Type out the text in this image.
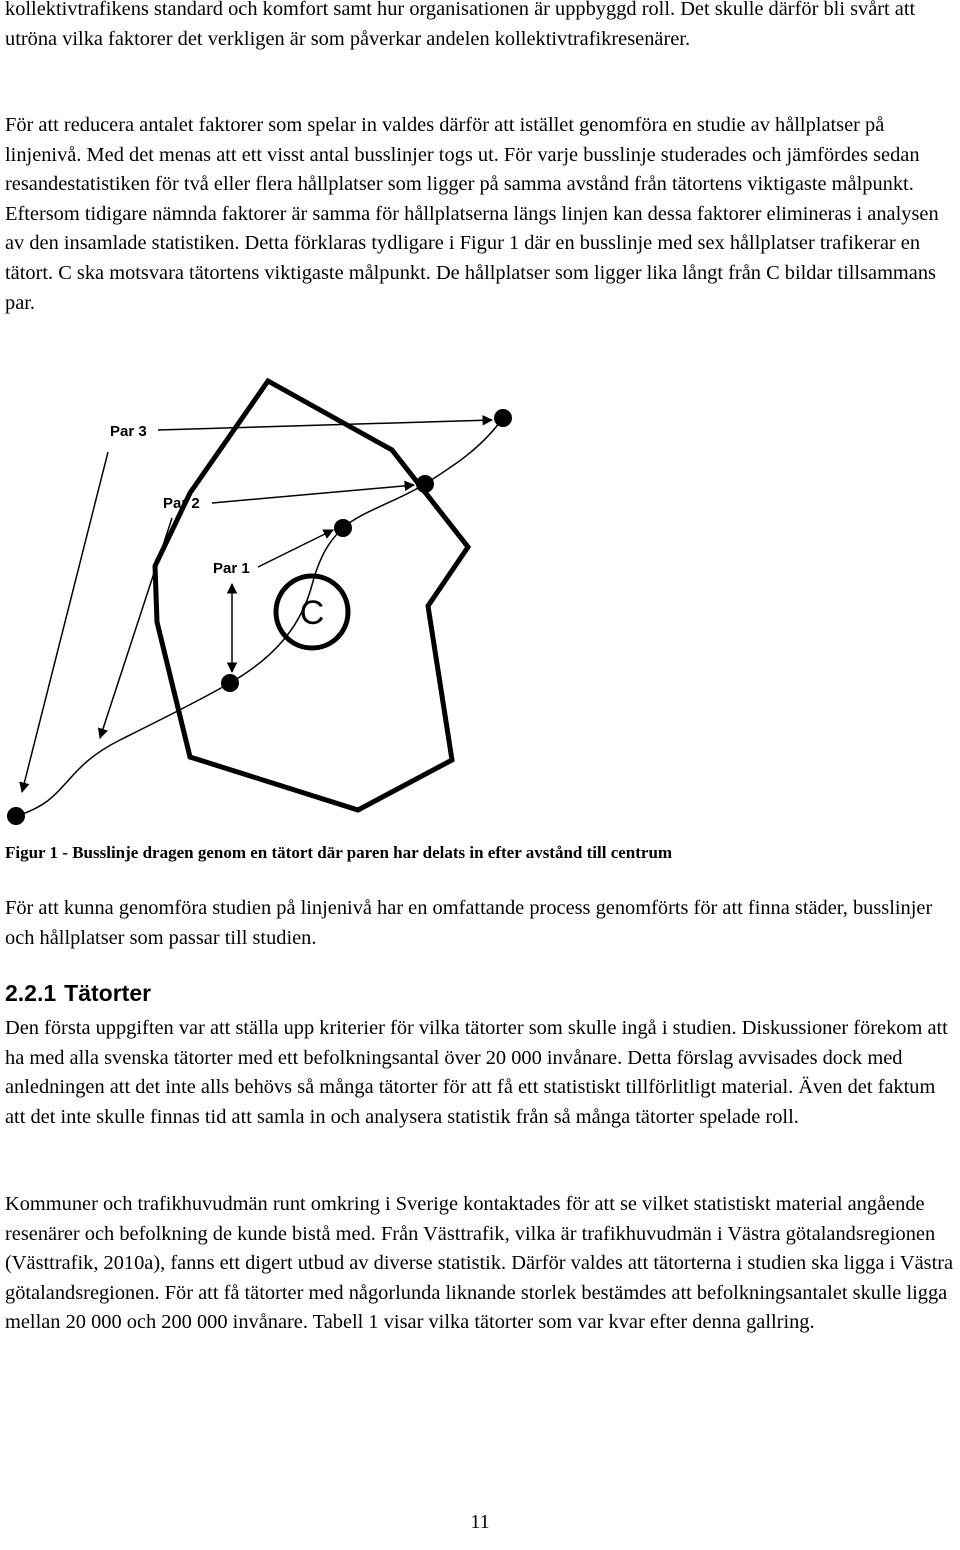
kollektivtrafikens standard och komfort samt hur organisationen är uppbyggd roll. Det skulle därför bli svårt att utröna vilka faktorer det verkligen är som påverkar andelen kollektivtrafikresenärer.

För att reducera antalet faktorer som spelar in valdes därför att istället genomföra en studie av hållplatser på linjenivå. Med det menas att ett visst antal busslinjer togs ut. För varje busslinje studerades och jämfördes sedan resandestatistiken för två eller flera hållplatser som ligger på samma avstånd från tätortens viktigaste målpunkt. Eftersom tidigare nämnda faktorer är samma för hållplatserna längs linjen kan dessa faktorer elimineras i analysen av den insamlade statistiken. Detta förklaras tydligare i Figur 1 där en busslinje med sex hållplatser trafikerar en tätort. C ska motsvara tätortens viktigaste målpunkt. De hållplatser som ligger lika långt från C bildar tillsammans par.

C
Par 3
Par 2
Par 1

Figur 1 - Busslinje dragen genom en tätort där paren har delats in efter avstånd till centrum

För att kunna genomföra studien på linjenivå har en omfattande process genomförts för att finna städer, busslinjer och hållplatser som passar till studien.

2.2.1 Tätorter

Den första uppgiften var att ställa upp kriterier för vilka tätorter som skulle ingå i studien. Diskussioner förekom att ha med alla svenska tätorter med ett befolkningsantal över 20 000 invånare. Detta förslag avvisades dock med anledningen att det inte alls behövs så många tätorter för att få ett statistiskt tillförlitligt material. Även det faktum att det inte skulle finnas tid att samla in och analysera statistik från så många tätorter spelade roll.

Kommuner och trafikhuvudmän runt omkring i Sverige kontaktades för att se vilket statistiskt material angående resenärer och befolkning de kunde bistå med. Från Västtrafik, vilka är trafikhuvudmän i Västra götalandsregionen (Västtrafik, 2010a), fanns ett digert utbud av diverse statistik. Därför valdes att tätorterna i studien ska ligga i Västra götalandsregionen. För att få tätorter med någorlunda liknande storlek bestämdes att befolkningsantalet skulle ligga mellan 20 000 och 200 000 invånare. Tabell 1 visar vilka tätorter som var kvar efter denna gallring.

11
